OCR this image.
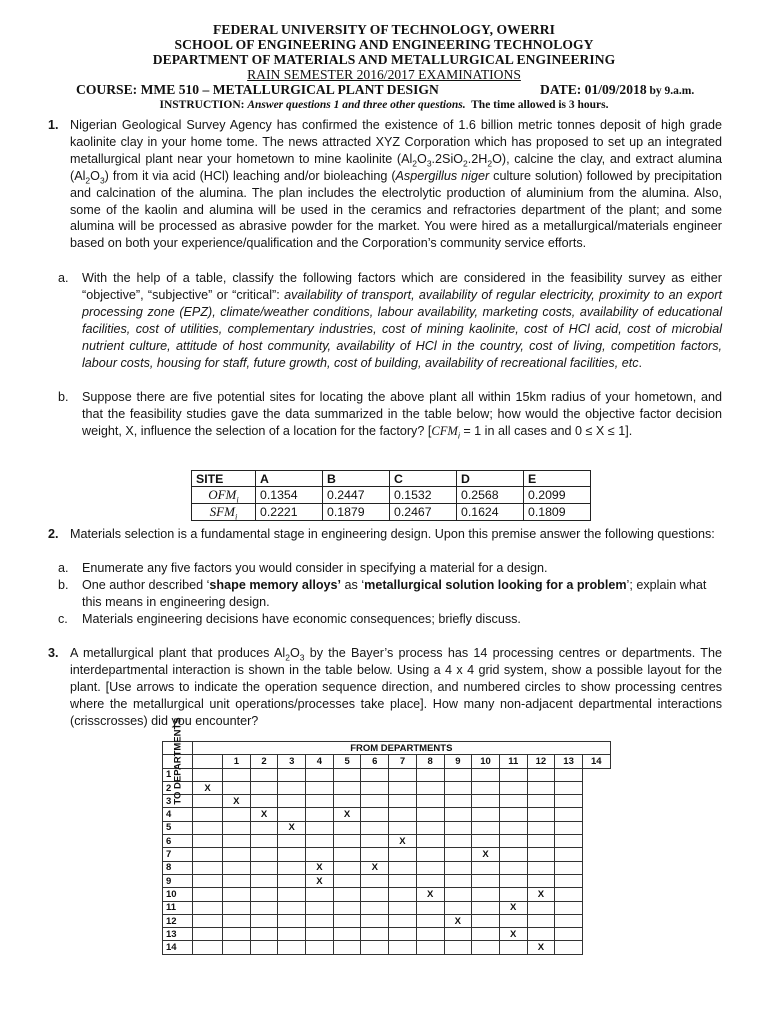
FEDERAL UNIVERSITY OF TECHNOLOGY, OWERRI
SCHOOL OF ENGINEERING AND ENGINEERING TECHNOLOGY
DEPARTMENT OF MATERIALS AND METALLURGICAL ENGINEERING
RAIN SEMESTER 2016/2017 EXAMINATIONS
COURSE: MME 510 – METALLURGICAL PLANT DESIGN	DATE: 01/09/2018 by 9.a.m.
INSTRUCTION: Answer questions 1 and three other questions.  The time allowed is 3 hours.
1. Nigerian Geological Survey Agency has confirmed the existence of 1.6 billion metric tonnes deposit of high grade kaolinite clay in your home tome. The news attracted XYZ Corporation which has proposed to set up an integrated metallurgical plant near your hometown to mine kaolinite $(Al_2O_3.2SiO_2.2H_2O)$, calcine the clay, and extract alumina $(Al_2O_3)$ from it via acid (HCl) leaching and/or bioleaching (Aspergillus niger culture solution) followed by precipitation and calcination of the alumina. The plan includes the electrolytic production of aluminium from the alumina. Also, some of the kaolin and alumina will be used in the ceramics and refractories department of the plant; and some alumina will be processed as abrasive powder for the market. You were hired as a metallurgical/materials engineer based on both your experience/qualification and the Corporation’s community service efforts.
a. With the help of a table, classify the following factors which are considered in the feasibility survey as either “objective”, “subjective” or “critical”: availability of transport, availability of regular electricity, proximity to an export processing zone (EPZ), climate/weather conditions, labour availability, marketing costs, availability of educational facilities, cost of utilities, complementary industries, cost of mining kaolinite, cost of HCl acid, cost of microbial nutrient culture, attitude of host community, availability of HCl in the country, cost of living, competition factors, labour costs, housing for staff, future growth, cost of building, availability of recreational facilities, etc.
b. Suppose there are five potential sites for locating the above plant all within 15km radius of your hometown, and that the feasibility studies gave the data summarized in the table below; how would the objective factor decision weight, X, influence the selection of a location for the factory? [$CFM_i = 1$ in all cases and 0 ≤ X ≤ 1].
SITE	A	B	C	D	E
$OFM_i$	0.1354	0.2447	0.1532	0.2568	0.2099
$SFM_i$	0.2221	0.1879	0.2467	0.1624	0.1809
2. Materials selection is a fundamental stage in engineering design. Upon this premise answer the following questions:
a. Enumerate any five factors you would consider in specifying a material for a design.
b. One author described ‘shape memory alloys’ as ‘metallurgical solution looking for a problem’; explain what this means in engineering design.
c. Materials engineering decisions have economic consequences; briefly discuss.
3. A metallurgical plant that produces $Al_2O_3$ by the Bayer’s process has 14 processing centres or departments. The interdepartmental interaction is shown in the table below. Using a 4 x 4 grid system, show a possible layout for the plant. [Use arrows to indicate the operation sequence direction, and numbered circles to show processing centres where the metallurgical unit operations/processes take place]. How many non-adjacent departmental interactions (crisscrosses) did you encounter?
	FROM DEPARTMENTS														

TO DEPARTMENTS		1	2	3	4	5	6	7	8	9	10	11	12	13	14
1															
2	X														
3		X													
4			X			X									
5				X											
6								X							
7											X				
8					X		X								
9					X										
10									X				X		
11												X			
12										X					
13												X			
14													X		
